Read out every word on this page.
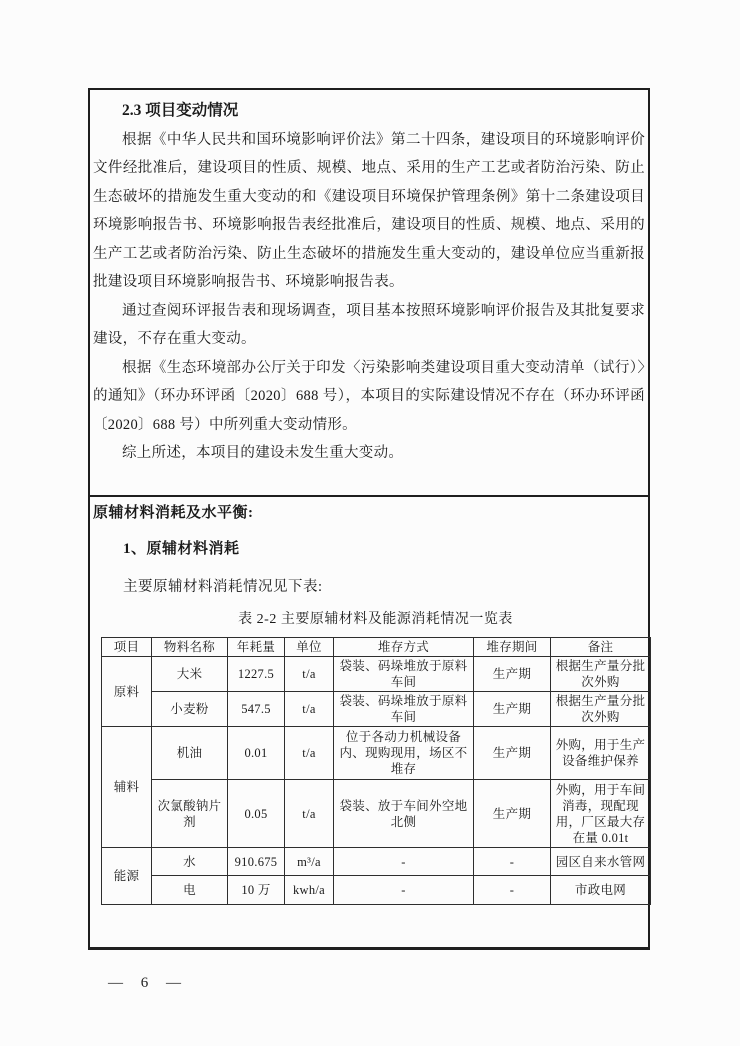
2.3 项目变动情况

根据《中华人民共和国环境影响评价法》第二十四条，建设项目的环境影响评价文件经批准后，建设项目的性质、规模、地点、采用的生产工艺或者防治污染、防止生态破坏的措施发生重大变动的和《建设项目环境保护管理条例》第十二条建设项目环境影响报告书、环境影响报告表经批准后，建设项目的性质、规模、地点、采用的生产工艺或者防治污染、防止生态破坏的措施发生重大变动的，建设单位应当重新报批建设项目环境影响报告书、环境影响报告表。

通过查阅环评报告表和现场调查，项目基本按照环境影响评价报告及其批复要求建设，不存在重大变动。

根据《生态环境部办公厅关于印发〈污染影响类建设项目重大变动清单（试行）〉的通知》（环办环评函〔2020〕688 号），本项目的实际建设情况不存在（环办环评函〔2020〕688 号）中所列重大变动情形。

综上所述，本项目的建设未发生重大变动。

原辅材料消耗及水平衡:
1、原辅材料消耗
主要原辅材料消耗情况见下表:
表 2-2 主要原辅材料及能源消耗情况一览表
项目	物料名称	年耗量	单位	堆存方式	堆存期间	备注
原料	大米	1227.5	t/a	袋装、码垛堆放于原料车间	生产期	根据生产量分批次外购
	小麦粉	547.5	t/a	袋装、码垛堆放于原料车间	生产期	根据生产量分批次外购
辅料	机油	0.01	t/a	位于各动力机械设备内、现购现用，场区不堆存	生产期	外购，用于生产设备维护保养
	次氯酸钠片剂	0.05	t/a	袋装、放于车间外空地北侧	生产期	外购，用于车间消毒，现配现用，厂区最大存在量 0.01t
能源	水	910.675	m³/a	-	-	园区自来水管网
	电	10 万	kwh/a	-	-	市政电网
— 6 —
